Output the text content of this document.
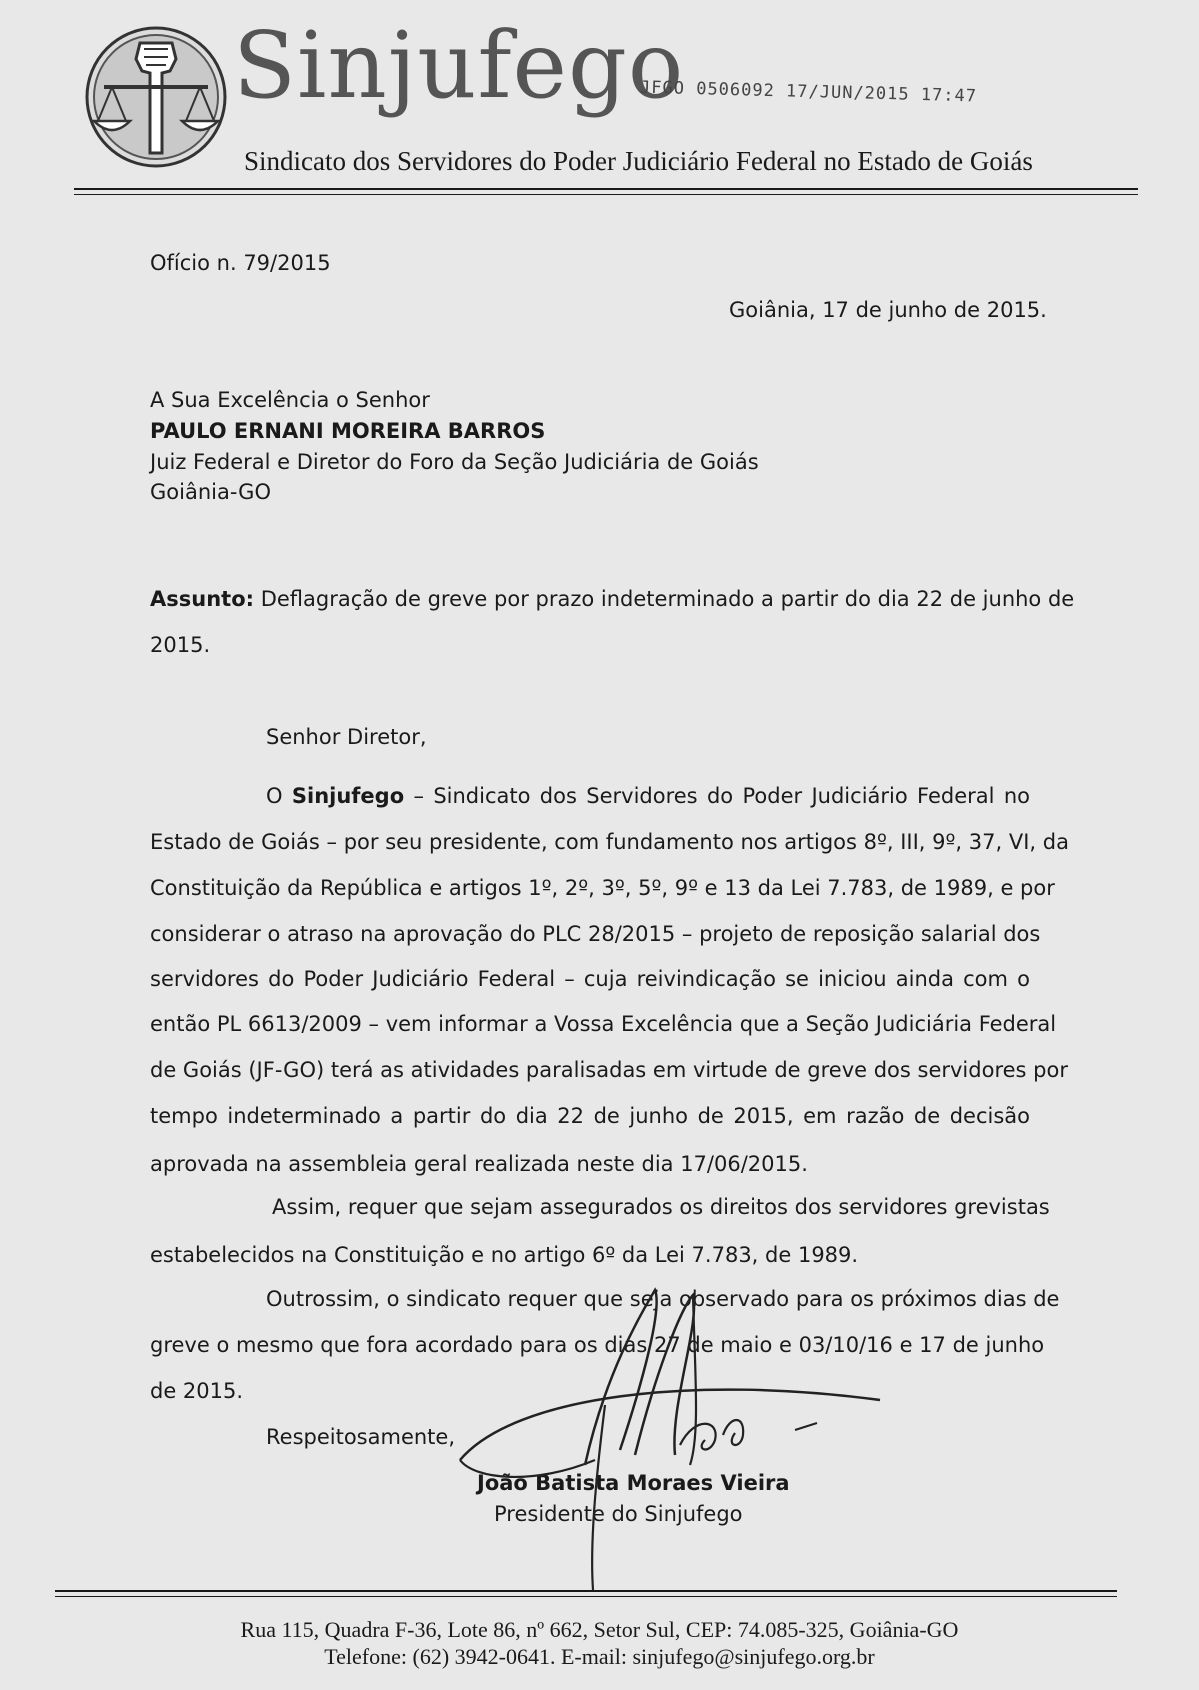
Sinjufego
JFGO 0506092 17/JUN/2015 17:47
Sindicato dos Servidores do Poder Judiciário Federal no Estado de Goiás
Ofício n. 79/2015
Goiânia, 17 de junho de 2015.
A Sua Excelência o Senhor
PAULO ERNANI MOREIRA BARROS
Juiz Federal e Diretor do Foro da Seção Judiciária de Goiás
Goiânia-GO
Assunto: Deflagração de greve por prazo indeterminado a partir do dia 22 de junho de
2015.
Senhor Diretor,
O Sinjufego – Sindicato dos Servidores do Poder Judiciário Federal no
Estado de Goiás – por seu presidente, com fundamento nos artigos 8º, III, 9º, 37, VI, da
Constituição da República e artigos 1º, 2º, 3º, 5º, 9º e 13 da Lei 7.783, de 1989, e por
considerar o atraso na aprovação do PLC 28/2015 – projeto de reposição salarial dos
servidores do Poder Judiciário Federal – cuja reivindicação se iniciou ainda com o
então PL 6613/2009 – vem informar a Vossa Excelência que a Seção Judiciária Federal
de Goiás (JF-GO) terá as atividades paralisadas em virtude de greve dos servidores por
tempo indeterminado a partir do dia 22 de junho de 2015, em razão de decisão
aprovada na assembleia geral realizada neste dia 17/06/2015.
Assim, requer que sejam assegurados os direitos dos servidores grevistas
estabelecidos na Constituição e no artigo 6º da Lei 7.783, de 1989.
Outrossim, o sindicato requer que seja observado para os próximos dias de
greve o mesmo que fora acordado para os dias 27 de maio e 03/10/16 e 17 de junho
de 2015.
Respeitosamente,
João Batista Moraes Vieira
Presidente do Sinjufego
Rua 115, Quadra F-36, Lote 86, nº 662, Setor Sul, CEP: 74.085-325, Goiânia-GO
Telefone: (62) 3942-0641. E-mail: sinjufego@sinjufego.org.br
